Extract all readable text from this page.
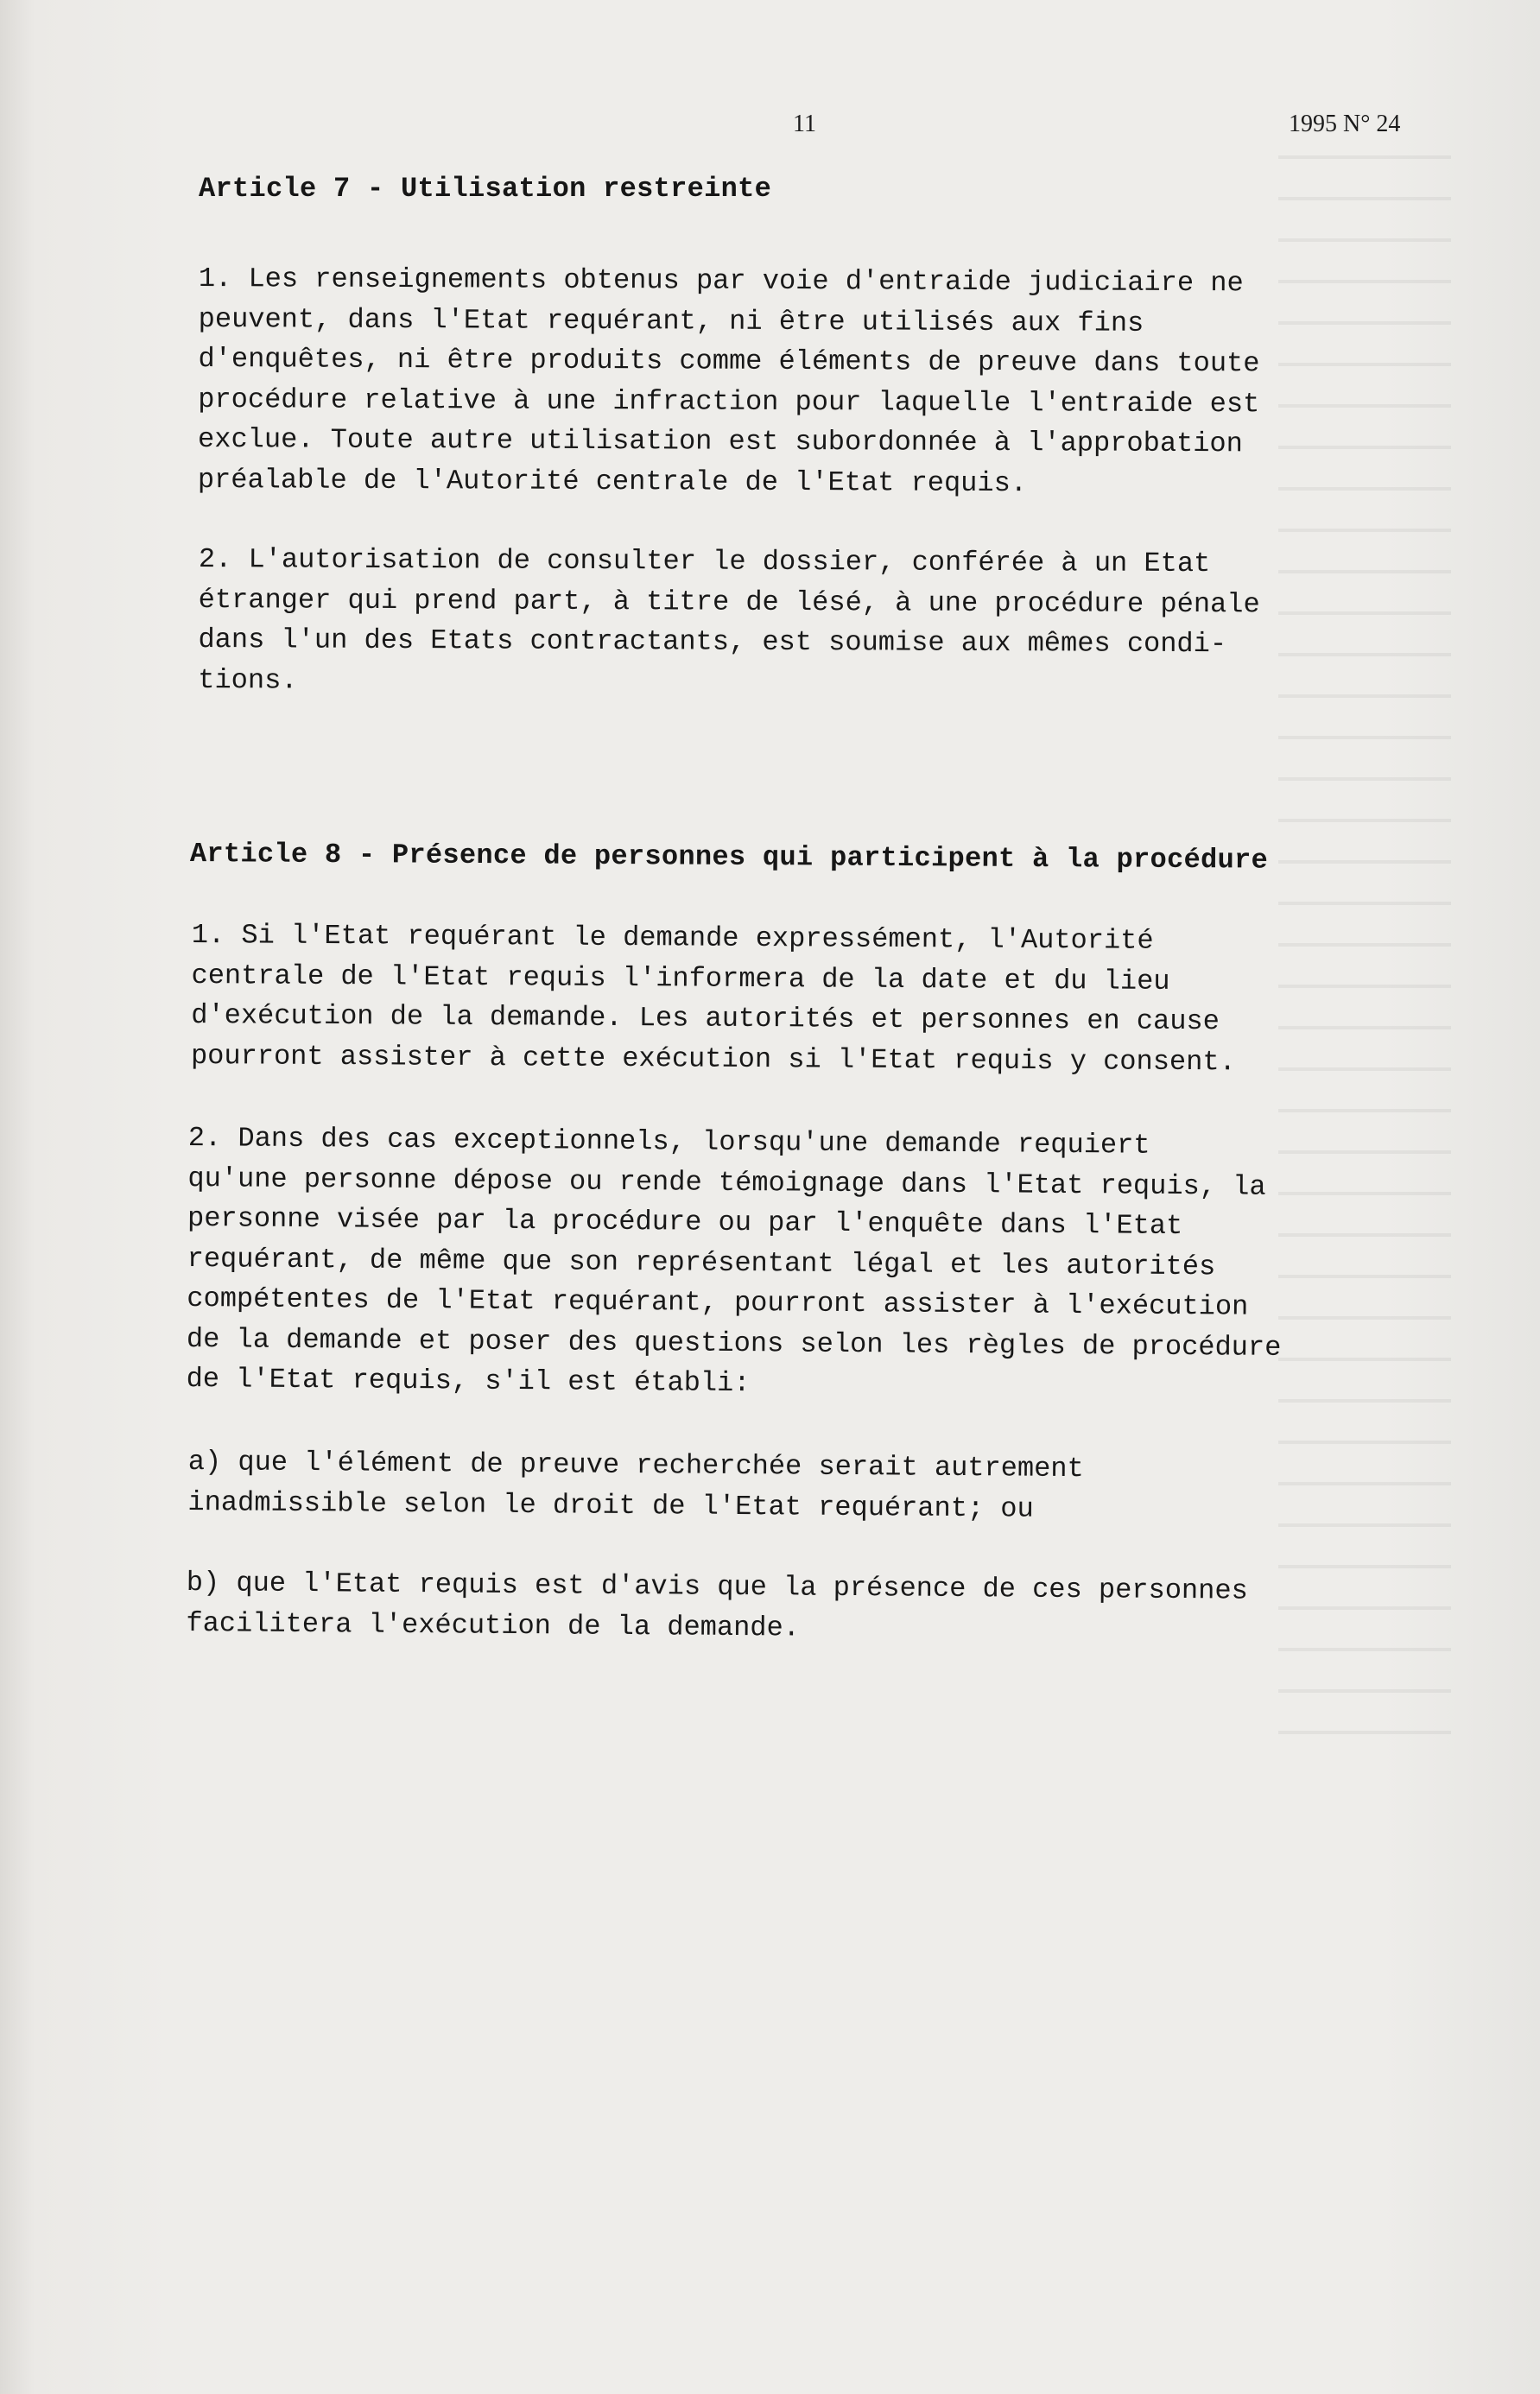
11	1995 N° 24
Article 7 - Utilisation restreinte
1. Les renseignements obtenus par voie d'entraide judiciaire ne
peuvent, dans l'Etat requérant, ni être utilisés aux fins
d'enquêtes, ni être produits comme éléments de preuve dans toute
procédure relative à une infraction pour laquelle l'entraide est
exclue. Toute autre utilisation est subordonnée à l'approbation
préalable de l'Autorité centrale de l'Etat requis.
2. L'autorisation de consulter le dossier, conférée à un Etat
étranger qui prend part, à titre de lésé, à une procédure pénale
dans l'un des Etats contractants, est soumise aux mêmes condi-
tions.
Article 8 - Présence de personnes qui participent à la procédure
1. Si l'Etat requérant le demande expressément, l'Autorité
centrale de l'Etat requis l'informera de la date et du lieu
d'exécution de la demande. Les autorités et personnes en cause
pourront assister à cette exécution si l'Etat requis y consent.
2. Dans des cas exceptionnels, lorsqu'une demande requiert
qu'une personne dépose ou rende témoignage dans l'Etat requis, la
personne visée par la procédure ou par l'enquête dans l'Etat
requérant, de même que son représentant légal et les autorités
compétentes de l'Etat requérant, pourront assister à l'exécution
de la demande et poser des questions selon les règles de procédure
de l'Etat requis, s'il est établi:
a) que l'élément de preuve recherchée serait autrement
inadmissible selon le droit de l'Etat requérant; ou
b) que l'Etat requis est d'avis que la présence de ces personnes
facilitera l'exécution de la demande.
